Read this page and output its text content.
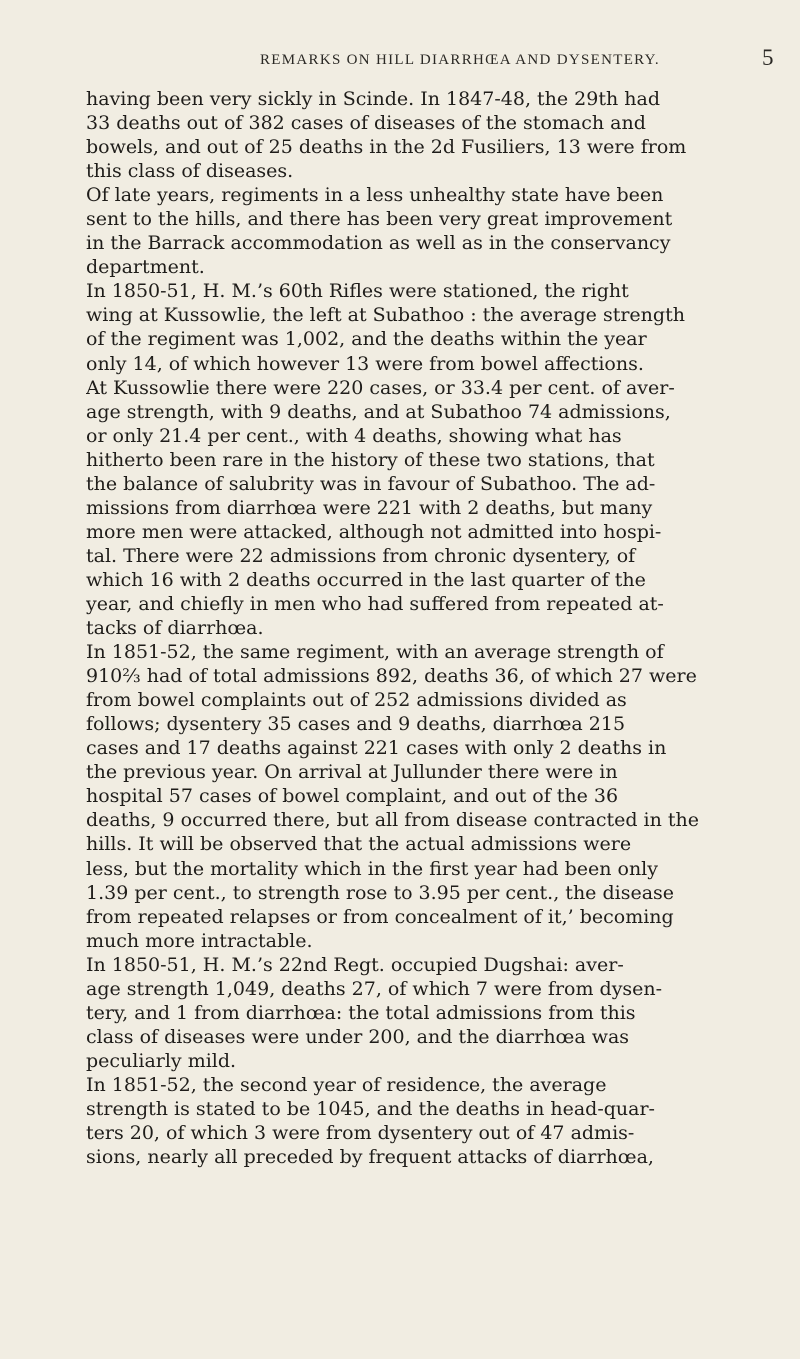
REMARKS ON HILL DIARRHŒA AND DYSENTERY.	5
having been very sickly in Scinde. In 1847-48, the 29th had
33 deaths out of 382 cases of diseases of the stomach and
bowels, and out of 25 deaths in the 2d Fusiliers, 13 were from
this class of diseases.
Of late years, regiments in a less unhealthy state have been
sent to the hills, and there has been very great improvement
in the Barrack accommodation as well as in the conservancy
department.
In 1850-51, H. M.’s 60th Rifles were stationed, the right
wing at Kussowlie, the left at Subathoo : the average strength
of the regiment was 1,002, and the deaths within the year
only 14, of which however 13 were from bowel affections.
At Kussowlie there were 220 cases, or 33.4 per cent. of aver-
age strength, with 9 deaths, and at Subathoo 74 admissions,
or only 21.4 per cent., with 4 deaths, showing what has
hitherto been rare in the history of these two stations, that
the balance of salubrity was in favour of Subathoo. The ad-
missions from diarrhœa were 221 with 2 deaths, but many
more men were attacked, although not admitted into hospi-
tal. There were 22 admissions from chronic dysentery, of
which 16 with 2 deaths occurred in the last quarter of the
year, and chiefly in men who had suffered from repeated at-
tacks of diarrhœa.
In 1851-52, the same regiment, with an average strength of
910⅔ had of total admissions 892, deaths 36, of which 27 were
from bowel complaints out of 252 admissions divided as
follows; dysentery 35 cases and 9 deaths, diarrhœa 215
cases and 17 deaths against 221 cases with only 2 deaths in
the previous year. On arrival at Jullunder there were in
hospital 57 cases of bowel complaint, and out of the 36
deaths, 9 occurred there, but all from disease contracted in the
hills. It will be observed that the actual admissions were
less, but the mortality which in the first year had been only
1.39 per cent., to strength rose to 3.95 per cent., the disease
from repeated relapses or from concealment of it,’ becoming
much more intractable.
In 1850-51, H. M.’s 22nd Regt. occupied Dugshai: aver-
age strength 1,049, deaths 27, of which 7 were from dysen-
tery, and 1 from diarrhœa: the total admissions from this
class of diseases were under 200, and the diarrhœa was
peculiarly mild.
In 1851-52, the second year of residence, the average
strength is stated to be 1045, and the deaths in head-quar-
ters 20, of which 3 were from dysentery out of 47 admis-
sions, nearly all preceded by frequent attacks of diarrhœa,
